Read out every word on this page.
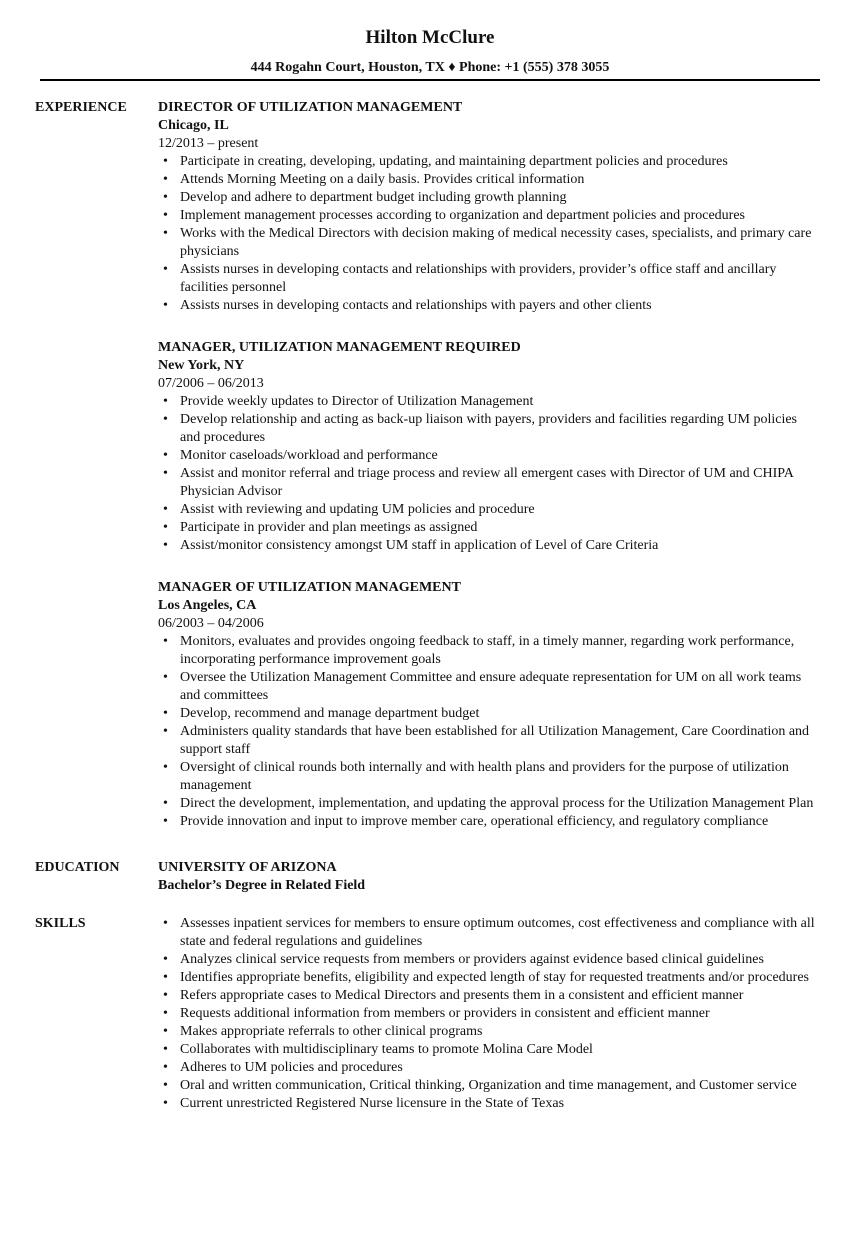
Hilton McClure
444 Rogahn Court, Houston, TX ♦ Phone: +1 (555) 378 3055
EXPERIENCE	DIRECTOR OF UTILIZATION MANAGEMENT
Chicago, IL
12/2013 – present
• Participate in creating, developing, updating, and maintaining department policies and procedures
• Attends Morning Meeting on a daily basis. Provides critical information
• Develop and adhere to department budget including growth planning
• Implement management processes according to organization and department policies and procedures
• Works with the Medical Directors with decision making of medical necessity cases, specialists, and primary care physicians
• Assists nurses in developing contacts and relationships with providers, provider’s office staff and ancillary facilities personnel
• Assists nurses in developing contacts and relationships with payers and other clients
MANAGER, UTILIZATION MANAGEMENT REQUIRED
New York, NY
07/2006 – 06/2013
• Provide weekly updates to Director of Utilization Management
• Develop relationship and acting as back-up liaison with payers, providers and facilities regarding UM policies and procedures
• Monitor caseloads/workload and performance
• Assist and monitor referral and triage process and review all emergent cases with Director of UM and CHIPA Physician Advisor
• Assist with reviewing and updating UM policies and procedure
• Participate in provider and plan meetings as assigned
• Assist/monitor consistency amongst UM staff in application of Level of Care Criteria
MANAGER OF UTILIZATION MANAGEMENT
Los Angeles, CA
06/2003 – 04/2006
• Monitors, evaluates and provides ongoing feedback to staff, in a timely manner, regarding work performance, incorporating performance improvement goals
• Oversee the Utilization Management Committee and ensure adequate representation for UM on all work teams and committees
• Develop, recommend and manage department budget
• Administers quality standards that have been established for all Utilization Management, Care Coordination and support staff
• Oversight of clinical rounds both internally and with health plans and providers for the purpose of utilization management
• Direct the development, implementation, and updating the approval process for the Utilization Management Plan
• Provide innovation and input to improve member care, operational efficiency, and regulatory compliance
EDUCATION	UNIVERSITY OF ARIZONA
Bachelor’s Degree in Related Field
SKILLS	• Assesses inpatient services for members to ensure optimum outcomes, cost effectiveness and compliance with all state and federal regulations and guidelines
• Analyzes clinical service requests from members or providers against evidence based clinical guidelines
• Identifies appropriate benefits, eligibility and expected length of stay for requested treatments and/or procedures
• Refers appropriate cases to Medical Directors and presents them in a consistent and efficient manner
• Requests additional information from members or providers in consistent and efficient manner
• Makes appropriate referrals to other clinical programs
• Collaborates with multidisciplinary teams to promote Molina Care Model
• Adheres to UM policies and procedures
• Oral and written communication, Critical thinking, Organization and time management, and Customer service
• Current unrestricted Registered Nurse licensure in the State of Texas
